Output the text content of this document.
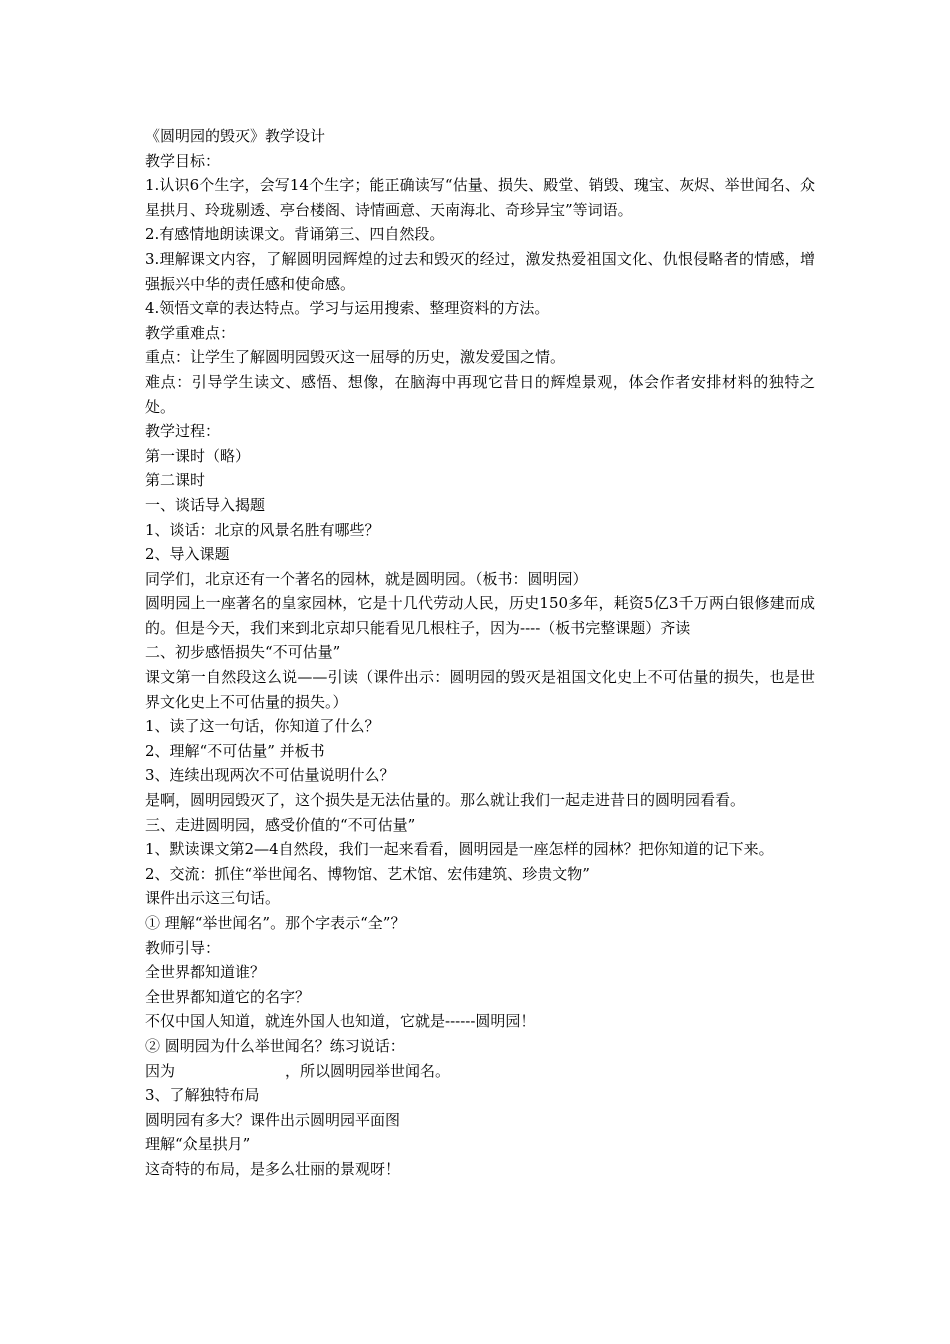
《圆明园的毁灭》教学设计

教学目标：

1.认识6个生字，会写14个生字；能正确读写“估量、损失、殿堂、销毁、瑰宝、灰烬、举世闻名、众星拱月、玲珑剔透、亭台楼阁、诗情画意、天南海北、奇珍异宝”等词语。

2.有感情地朗读课文。背诵第三、四自然段。

3.理解课文内容，了解圆明园辉煌的过去和毁灭的经过，激发热爱祖国文化、仇恨侵略者的情感，增强振兴中华的责任感和使命感。

4.领悟文章的表达特点。学习与运用搜索、整理资料的方法。

教学重难点：

重点：让学生了解圆明园毁灭这一屈辱的历史，激发爱国之情。

难点：引导学生读文、感悟、想像，在脑海中再现它昔日的辉煌景观，体会作者安排材料的独特之处。

教学过程：

第一课时（略）

第二课时

一、谈话导入揭题

1、谈话：北京的风景名胜有哪些？

2、导入课题

同学们，北京还有一个著名的园林，就是圆明园。（板书：圆明园）

圆明园上一座著名的皇家园林，它是十几代劳动人民，历史150多年，耗资5亿3千万两白银修建而成的。但是今天，我们来到北京却只能看见几根柱子，因为----（板书完整课题）齐读

二、初步感悟损失“不可估量”

课文第一自然段这么说——引读（课件出示：圆明园的毁灭是祖国文化史上不可估量的损失，也是世界文化史上不可估量的损失。）

1、读了这一句话，你知道了什么？

2、理解“不可估量” 并板书

3、连续出现两次不可估量说明什么？

是啊，圆明园毁灭了，这个损失是无法估量的。那么就让我们一起走进昔日的圆明园看看。

三、走进圆明园，感受价值的“不可估量”

1、默读课文第2—4自然段，我们一起来看看，圆明园是一座怎样的园林？把你知道的记下来。

2、交流：抓住“举世闻名、博物馆、艺术馆、宏伟建筑、珍贵文物”

课件出示这三句话。

① 理解“举世闻名”。那个字表示“全”？

教师引导：

全世界都知道谁？

全世界都知道它的名字？

不仅中国人知道，就连外国人也知道，它就是------圆明园！

② 圆明园为什么举世闻名？练习说话：

因为	，所以圆明园举世闻名。

3、了解独特布局

圆明园有多大？课件出示圆明园平面图

理解“众星拱月”

这奇特的布局，是多么壮丽的景观呀！
